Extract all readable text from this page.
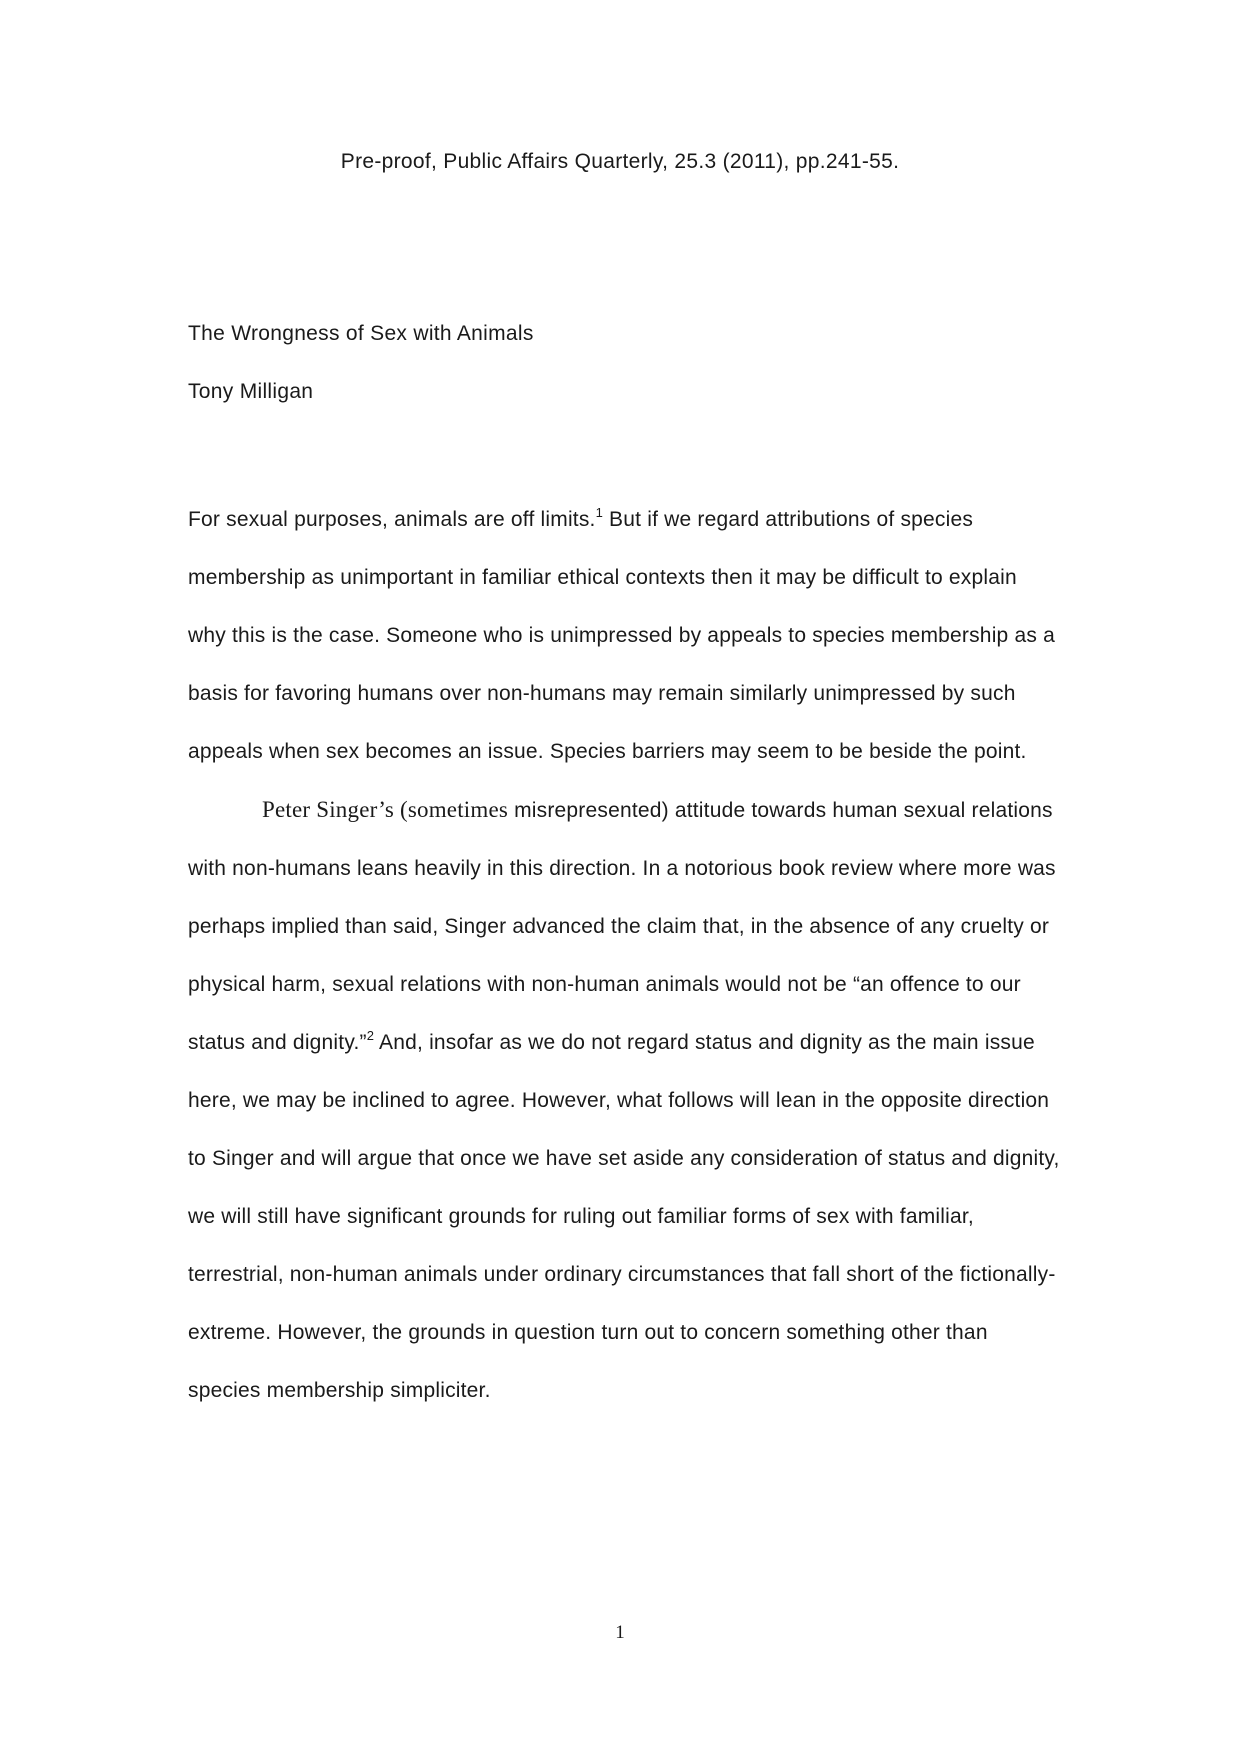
Pre-proof, Public Affairs Quarterly, 25.3 (2011), pp.241-55.
The Wrongness of Sex with Animals
Tony Milligan

For sexual purposes, animals are off limits.$^1$ But if we regard attributions of species membership as unimportant in familiar ethical contexts then it may be difficult to explain why this is the case. Someone who is unimpressed by appeals to species membership as a basis for favoring humans over non-humans may remain similarly unimpressed by such appeals when sex becomes an issue. Species barriers may seem to be beside the point.

Peter Singer’s (sometimes misrepresented) attitude towards human sexual relations with non-humans leans heavily in this direction. In a notorious book review where more was perhaps implied than said, Singer advanced the claim that, in the absence of any cruelty or physical harm, sexual relations with non-human animals would not be “an offence to our status and dignity.”$^2$ And, insofar as we do not regard status and dignity as the main issue here, we may be inclined to agree. However, what follows will lean in the opposite direction to Singer and will argue that once we have set aside any consideration of status and dignity, we will still have significant grounds for ruling out familiar forms of sex with familiar, terrestrial, non-human animals under ordinary circumstances that fall short of the fictionally-extreme. However, the grounds in question turn out to concern something other than species membership simpliciter.

1
